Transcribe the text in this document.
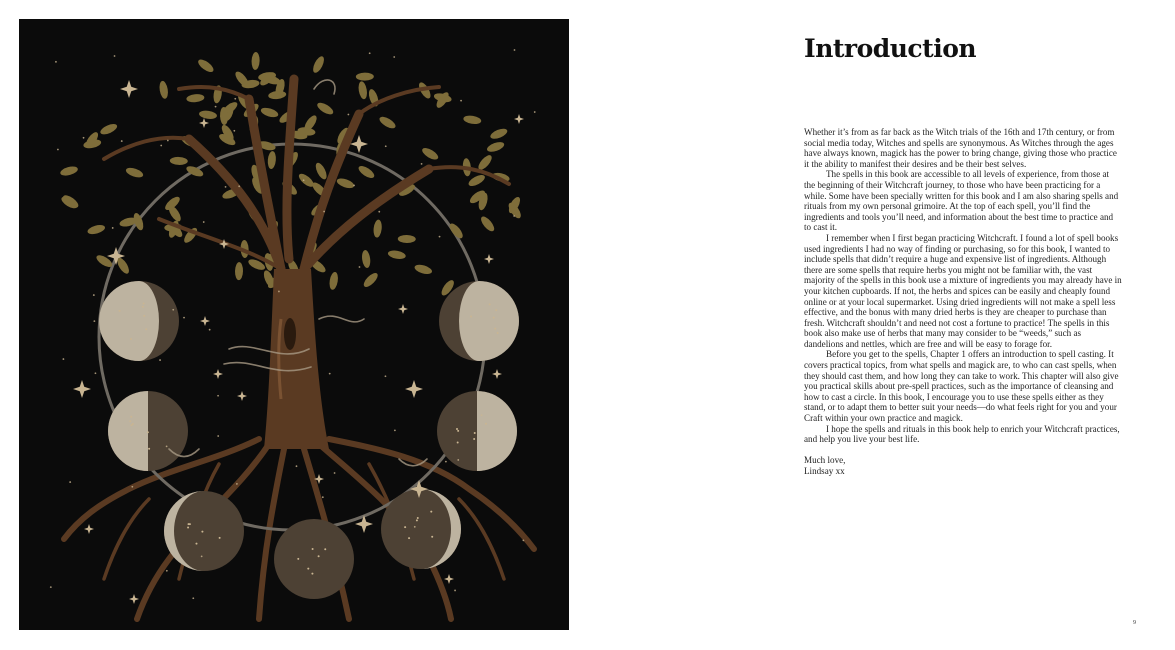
Introduction

Whether it’s from as far back as the Witch trials of the 16th and 17th century, or from social media today, Witches and spells are synonymous. As Witches through the ages have always known, magick has the power to bring change, giving those who practice it the ability to manifest their desires and be their best selves.

The spells in this book are accessible to all levels of experience, from those at the beginning of their Witchcraft journey, to those who have been practicing for a while. Some have been specially written for this book and I am also sharing spells and rituals from my own personal grimoire. At the top of each spell, you’ll find the ingredients and tools you’ll need, and information about the best time to practice and to cast it.

I remember when I first began practicing Witchcraft. I found a lot of spell books used ingredients I had no way of finding or purchasing, so for this book, I wanted to include spells that didn’t require a huge and expensive list of ingredients. Although there are some spells that require herbs you might not be familiar with, the vast majority of the spells in this book use a mixture of ingredients you may already have in your kitchen cupboards. If not, the herbs and spices can be easily and cheaply found online or at your local supermarket. Using dried ingredients will not make a spell less effective, and the bonus with many dried herbs is they are cheaper to purchase than fresh. Witchcraft shouldn’t and need not cost a fortune to practice! The spells in this book also make use of herbs that many may consider to be “weeds,” such as dandelions and nettles, which are free and will be easy to forage for.

Before you get to the spells, Chapter 1 offers an introduction to spell casting. It covers practical topics, from what spells and magick are, to who can cast spells, when they should cast them, and how long they can take to work. This chapter will also give you practical skills about pre-spell practices, such as the importance of cleansing and how to cast a circle. In this book, I encourage you to use these spells either as they stand, or to adapt them to better suit your needs—do what feels right for you and your Craft within your own practice and magick.

I hope the spells and rituals in this book help to enrich your Witchcraft practices, and help you live your best life.

Much love,
Lindsay xx
9
